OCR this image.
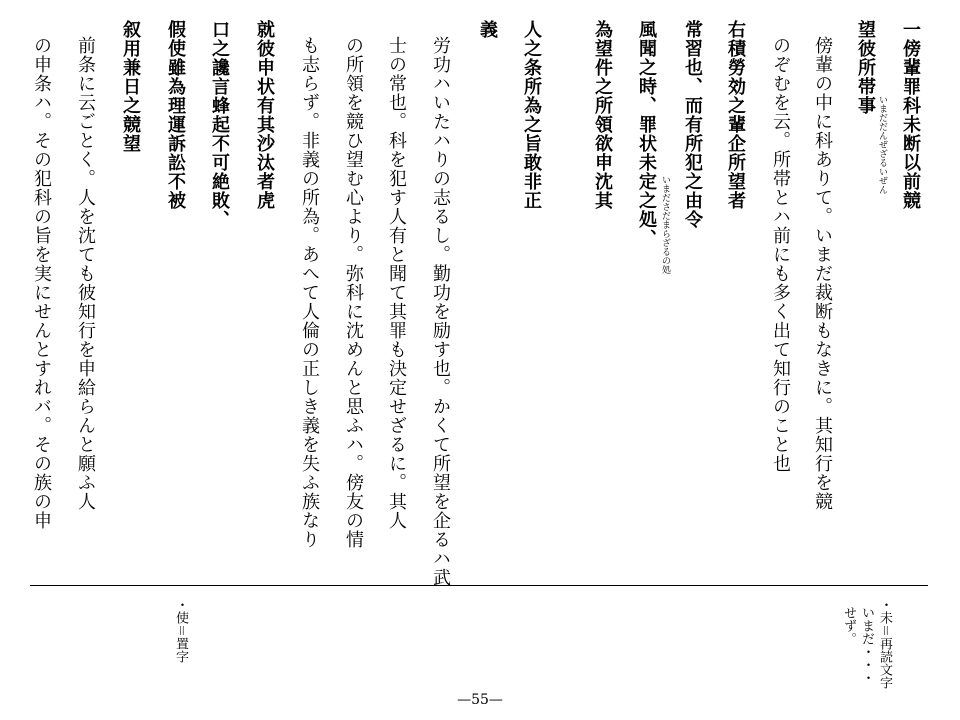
一傍輩罪科未断以前競
望彼所帯事
傍輩の中に科ありて。いまだ裁断もなきに。其知行を競
のぞむを云。所帯とハ前にも多く出て知行のこと也
右積勞効之輩企所望者
常習也、而有所犯之由令
風聞之時、罪状未定之処、
為望件之所領欲申沈其
人之条所為之旨敢非正
義
労功ハいたハりの志るし。勤功を励す也。かくて所望を企るハ武
士の常也。科を犯す人有と聞て其罪も決定せざるに。其人
の所領を競ひ望む心より。弥科に沈めんと思ふハ。傍友の情
も志らず。非義の所為。あへて人倫の正しき義を失ふ族なり
就彼申状有其沙汰者虎
口之讒言蜂起不可絶敗、
假使雖為理運訴訟不被
叙用兼日之競望
前条に云ごとく。人を沈ても彼知行を申給らんと願ふ人
の申条ハ。その犯科の旨を実にせんとすれバ。その族の申	いまだだんぜざるいぜん
いまださだまらざるの処
・使＝置字	・未＝再読文字
いまだ・・・
せず。
—55—
